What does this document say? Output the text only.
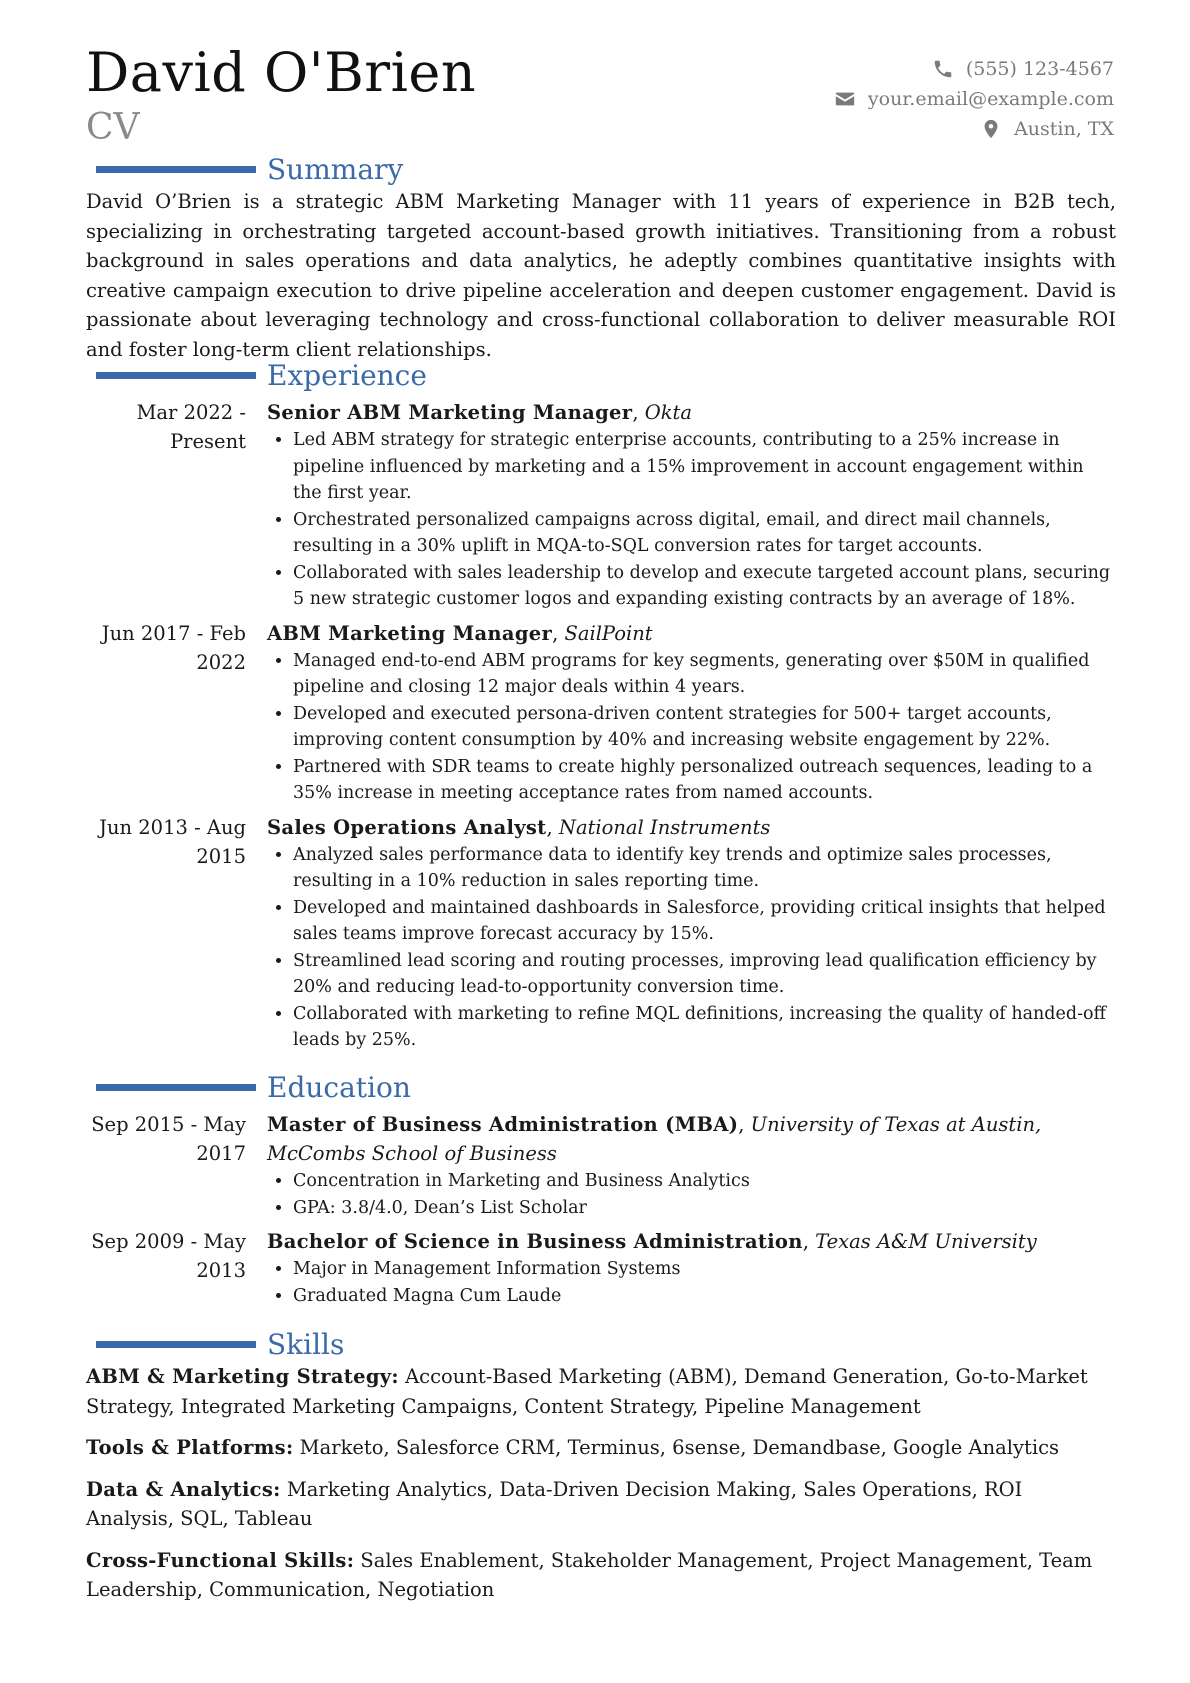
David O'Brien
CV
(555) 123-4567
your.email@example.com
Austin, TX
Summary

David O’Brien is a strategic ABM Marketing Manager with 11 years of experience in B2B tech, specializing in orchestrating targeted account-based growth initiatives. Transitioning from a robust background in sales operations and data analytics, he adeptly combines quantitative insights with creative campaign execution to drive pipeline acceleration and deepen customer engagement. David is passionate about leveraging technology and cross-functional collaboration to deliver measurable ROI and foster long-term client relationships.

Experience
Mar 2022 - Present
Senior ABM Marketing Manager, Okta
• Led ABM strategy for strategic enterprise accounts, contributing to a 25% increase in pipeline influenced by marketing and a 15% improvement in account engagement within the first year.
• Orchestrated personalized campaigns across digital, email, and direct mail channels, resulting in a 30% uplift in MQA-to-SQL conversion rates for target accounts.
• Collaborated with sales leadership to develop and execute targeted account plans, securing 5 new strategic customer logos and expanding existing contracts by an average of 18%.
Jun 2017 - Feb 2022
ABM Marketing Manager, SailPoint
• Managed end-to-end ABM programs for key segments, generating over $50M in qualified pipeline and closing 12 major deals within 4 years.
• Developed and executed persona-driven content strategies for 500+ target accounts, improving content consumption by 40% and increasing website engagement by 22%.
• Partnered with SDR teams to create highly personalized outreach sequences, leading to a 35% increase in meeting acceptance rates from named accounts.
Jun 2013 - Aug 2015
Sales Operations Analyst, National Instruments
• Analyzed sales performance data to identify key trends and optimize sales processes, resulting in a 10% reduction in sales reporting time.
• Developed and maintained dashboards in Salesforce, providing critical insights that helped sales teams improve forecast accuracy by 15%.
• Streamlined lead scoring and routing processes, improving lead qualification efficiency by 20% and reducing lead-to-opportunity conversion time.
• Collaborated with marketing to refine MQL definitions, increasing the quality of handed-off leads by 25%.
Education
Sep 2015 - May 2017
Master of Business Administration (MBA), University of Texas at Austin, McCombs School of Business
• Concentration in Marketing and Business Analytics
• GPA: 3.8/4.0, Dean’s List Scholar
Sep 2009 - May 2013
Bachelor of Science in Business Administration, Texas A&M University
• Major in Management Information Systems
• Graduated Magna Cum Laude
Skills

ABM & Marketing Strategy: Account-Based Marketing (ABM), Demand Generation, Go-to-Market Strategy, Integrated Marketing Campaigns, Content Strategy, Pipeline Management

Tools & Platforms: Marketo, Salesforce CRM, Terminus, 6sense, Demandbase, Google Analytics

Data & Analytics: Marketing Analytics, Data-Driven Decision Making, Sales Operations, ROI Analysis, SQL, Tableau

Cross-Functional Skills: Sales Enablement, Stakeholder Management, Project Management, Team Leadership, Communication, Negotiation
